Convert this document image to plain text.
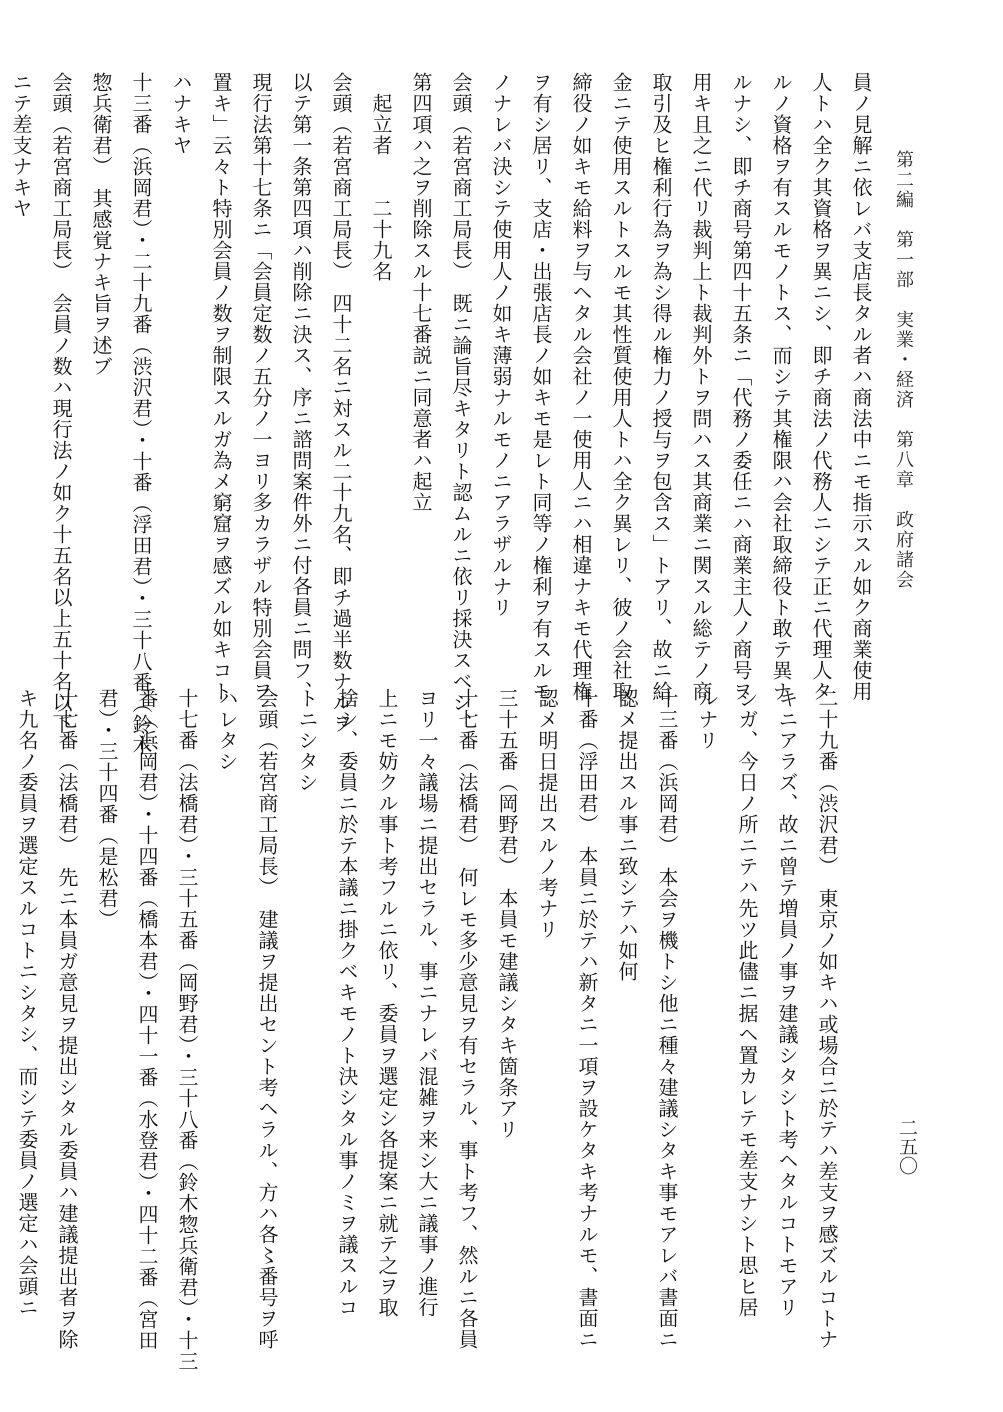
第二編　第一部　実業・経済　第八章　政府諸会
二五〇
員ノ見解ニ依レバ支店長タル者ハ商法中ニモ指示スル如ク商業使用
人トハ全ク其資格ヲ異ニシ、即チ商法ノ代務人ニシテ正ニ代理人タ
ルノ資格ヲ有スルモノトス、而シテ其権限ハ会社取締役ト敢テ異ナ
ルナシ、即チ商号第四十五条ニ「代務ノ委任ニハ商業主人ノ商号ヲ
用キ且之ニ代リ裁判上ト裁判外トヲ問ハス其商業ニ関スル総テノ商
取引及ヒ権利行為ヲ為シ得ル権力ノ授与ヲ包含ス」トアリ、故ニ給
金ニテ使用スルトスルモ其性質使用人トハ全ク異レリ、彼ノ会社取
締役ノ如キモ給料ヲ与ヘタル会社ノ一使用人ニハ相違ナキモ代理権
ヲ有シ居リ、支店・出張店長ノ如キモ是レト同等ノ権利ヲ有スルモ
ノナレバ決シテ使用人ノ如キ薄弱ナルモノニアラザルナリ
会頭（若宮商工局長）　既ニ論旨尽キタリト認ムルニ依リ採決スベシ、
第四項ハ之ヲ削除スル十七番説ニ同意者ハ起立
　起立者　　二十九名
会頭（若宮商工局長）　四十二名ニ対スル二十九名、即チ過半数ナルヲ
以テ第一条第四項ハ削除ニ決ス、序ニ諮問案件外ニ付各員ニ問フ、
現行法第十七条ニ「会員定数ノ五分ノ一ヨリ多カラザル特別会員ヲ
置キ」云々ト特別会員ノ数ヲ制限スルガ為メ窮窟ヲ感ズル如キコト
ハナキヤ
十三番（浜岡君）・二十九番（渋沢君）・十番（浮田君）・三十八番（鈴木
惣兵衛君）　其感覚ナキ旨ヲ述ブ
会頭（若宮商工局長）　会員ノ数ハ現行法ノ如ク十五名以上五十名以下
ニテ差支ナキヤ
二十九番（渋沢君）　東京ノ如キハ或場合ニ於テハ差支ヲ感ズルコトナ
キニアラズ、故ニ曾テ増員ノ事ヲ建議シタシト考ヘタルコトモアリ
シガ、今日ノ所ニテハ先ツ此儘ニ据ヘ置カレテモ差支ナシト思ヒ居
ルナリ
十三番（浜岡君）　本会ヲ機トシ他ニ種々建議シタキ事モアレバ書面ニ
認メ提出スル事ニ致シテハ如何
十番（浮田君）　本員ニ於テハ新タニ一項ヲ設ケタキ考ナルモ、書面ニ
認メ明日提出スルノ考ナリ
三十五番（岡野君）　本員モ建議シタキ箇条アリ
十七番（法橋君）　何レモ多少意見ヲ有セラル、事ト考フ、然ルニ各員
ヨリ一々議場ニ提出セラル、事ニナレバ混雑ヲ来シ大ニ議事ノ進行
上ニモ妨クル事ト考フルニ依リ、委員ヲ選定シ各提案ニ就テ之ヲ取
捨シ、委員ニ於テ本議ニ掛クベキモノト決シタル事ノミヲ議スルコ
トニシタシ
会頭（若宮商工局長）　建議ヲ提出セント考ヘラル、方ハ各〻番号ヲ呼
ハレタシ
十七番（法橋君）・三十五番（岡野君）・三十八番（鈴木惣兵衛君）・十三
番（浜岡君）・十四番（橋本君）・四十一番（水登君）・四十二番（宮田
君）・三十四番（是松君）
十七番（法橋君）　先ニ本員ガ意見ヲ提出シタル委員ハ建議提出者ヲ除
キ九名ノ委員ヲ選定スルコトニシタシ、而シテ委員ノ選定ハ会頭ニ
